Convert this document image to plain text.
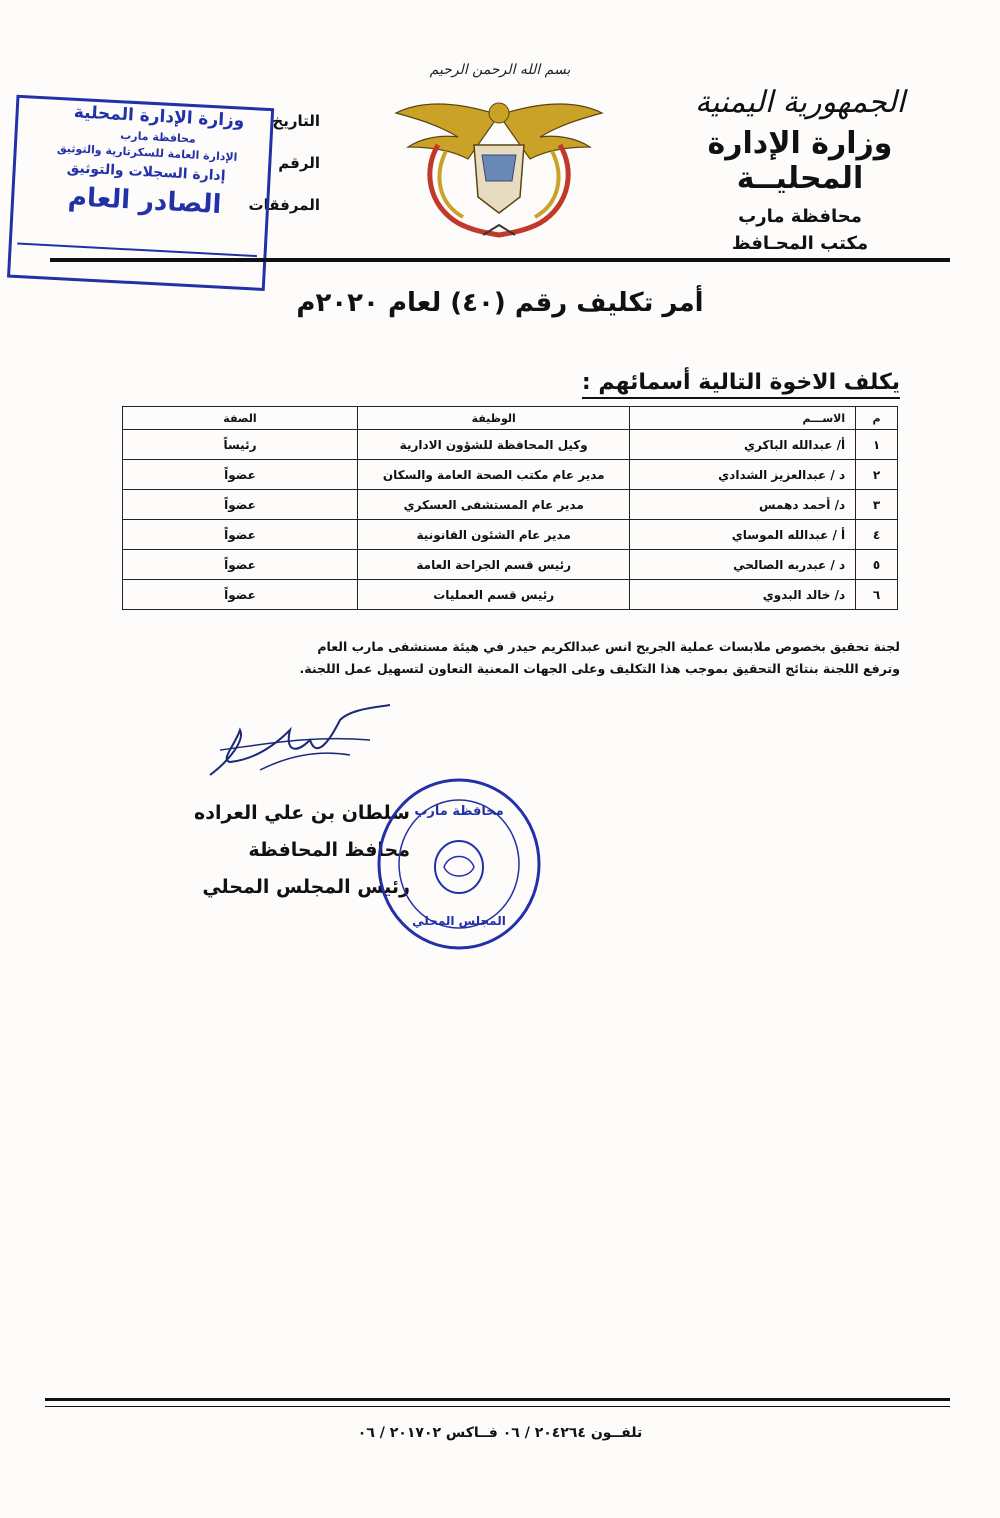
بسم الله الرحمن الرحيم
الجمهورية اليمنية
وزارة الإدارة المحليــة
محافظة مارب
مكتب المحـافظ
التاريخ
الرقم
المرفقات
وزارة الإدارة المحلية
محافظة مارب
الإدارة العامة للسكرتارية والتوثيق
إدارة السجلات والتوثيق
الصادر العام
أمر تكليف رقم (٤٠) لعام ٢٠٢٠م
يكلف الاخوة التالية أسمائهم :
م	الاســـم	الوظيفة	الصفة
١	أ/ عبدالله الباكري	وكيل المحافظة للشؤون الادارية	رئيساً
٢	د / عبدالعزيز الشدادي	مدير عام مكتب الصحة العامة والسكان	عضواً
٣	د/ أحمد دهمس	مدير عام المستشفى العسكري	عضواً
٤	أ / عبدالله الموساي	مدير عام الشئون القانونية	عضواً
٥	د / عبدربه الصالحي	رئيس قسم الجراحة العامة	عضواً
٦	د/ خالد البدوي	رئيس قسم العمليات	عضواً
لجنة تحقيق بخصوص ملابسات عملية الجريح انس عبدالكريم حيدر في هيئة مستشفى مارب العام
وترفع اللجنة بنتائج التحقيق بموجب هذا التكليف وعلى الجهات المعنية التعاون لتسهيل عمل اللجنة.
سلطان بن علي العراده
محافظ المحافظة
رئيس المجلس المحلي
محافظة مارب
المجلس المحلي
تلفــون ٢٠٤٢٦٤ / ٠٦ فــاكس ٢٠١٧٠٢ / ٠٦
